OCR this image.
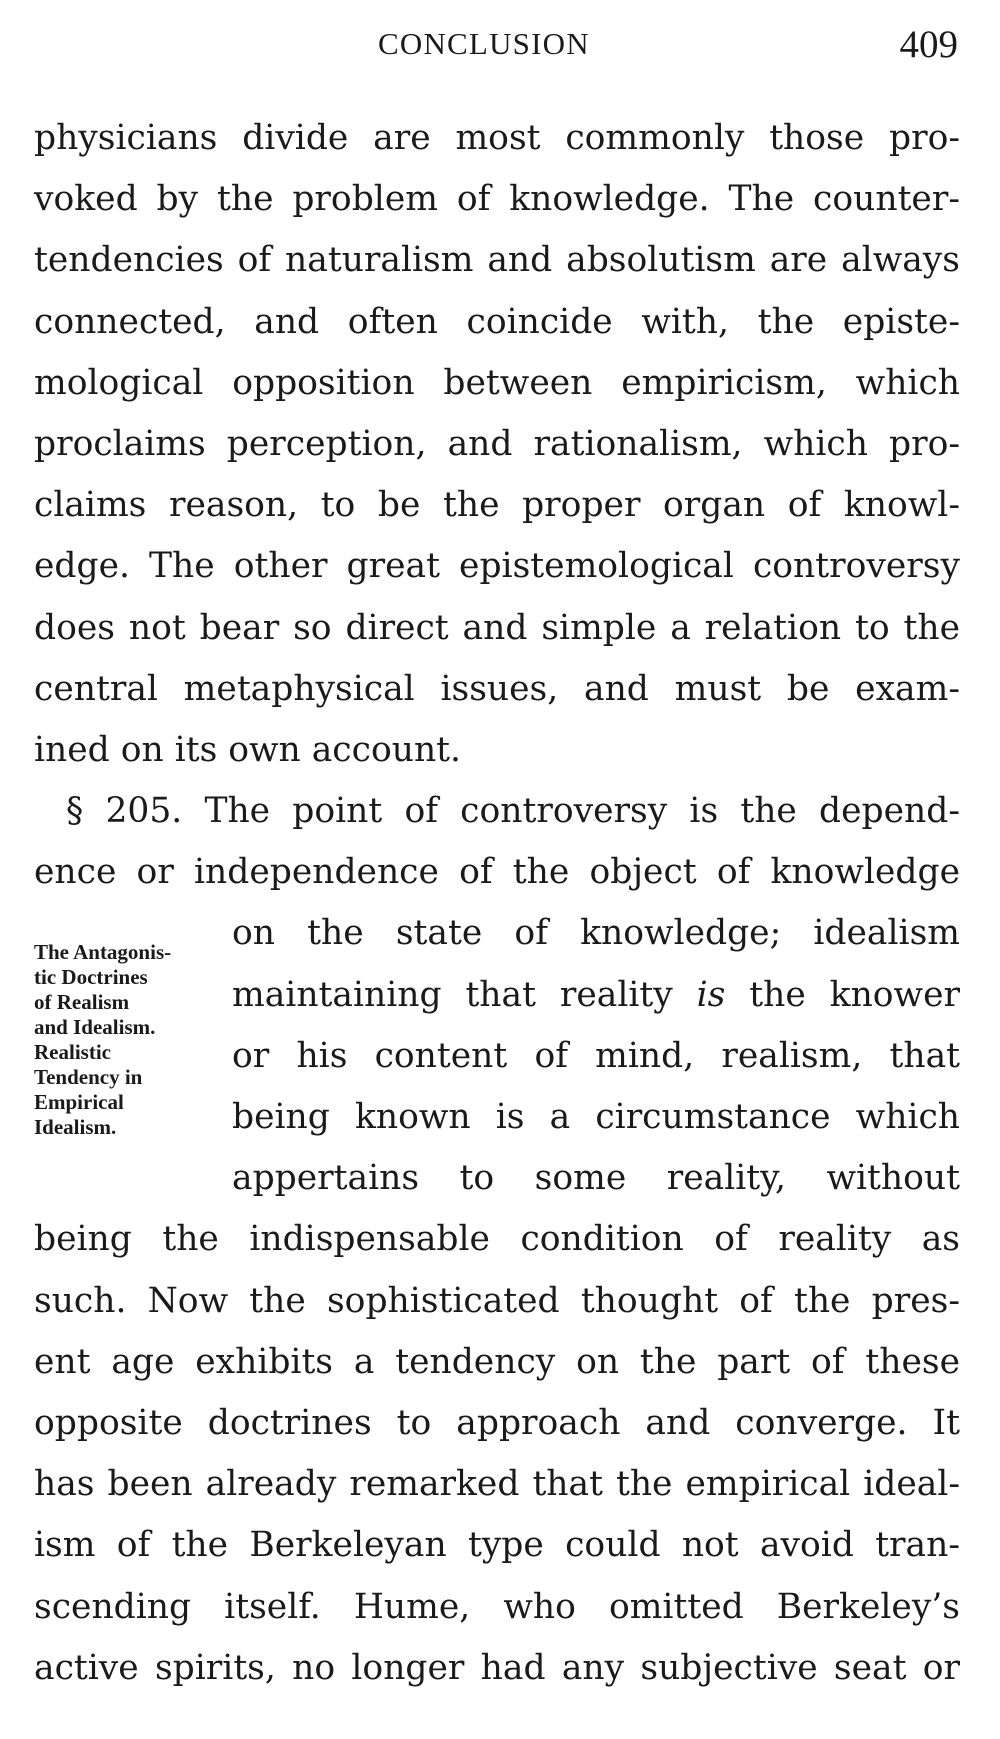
CONCLUSION	409
physicians divide are most commonly those pro-
voked by the problem of knowledge. The counter-
tendencies of naturalism and absolutism are always
connected, and often coincide with, the episte-
mological opposition between empiricism, which
proclaims perception, and rationalism, which pro-
claims reason, to be the proper organ of knowl-
edge. The other great epistemological controversy
does not bear so direct and simple a relation to the
central metaphysical issues, and must be exam-
ined on its own account.
§ 205. The point of controversy is the depend-
ence or independence of the object of knowledge
on the state of knowledge; idealism
maintaining that reality is the knower
or his content of mind, realism, that
being known is a circumstance which
appertains to some reality, without
being the indispensable condition of reality as
such. Now the sophisticated thought of the pres-
ent age exhibits a tendency on the part of these
opposite doctrines to approach and converge. It
has been already remarked that the empirical ideal-
ism of the Berkeleyan type could not avoid tran-
scending itself. Hume, who omitted Berkeley’s
active spirits, no longer had any subjective seat or
The Antagonis-
tic Doctrines
of Realism
and Idealism.
Realistic
Tendency in
Empirical
Idealism.
